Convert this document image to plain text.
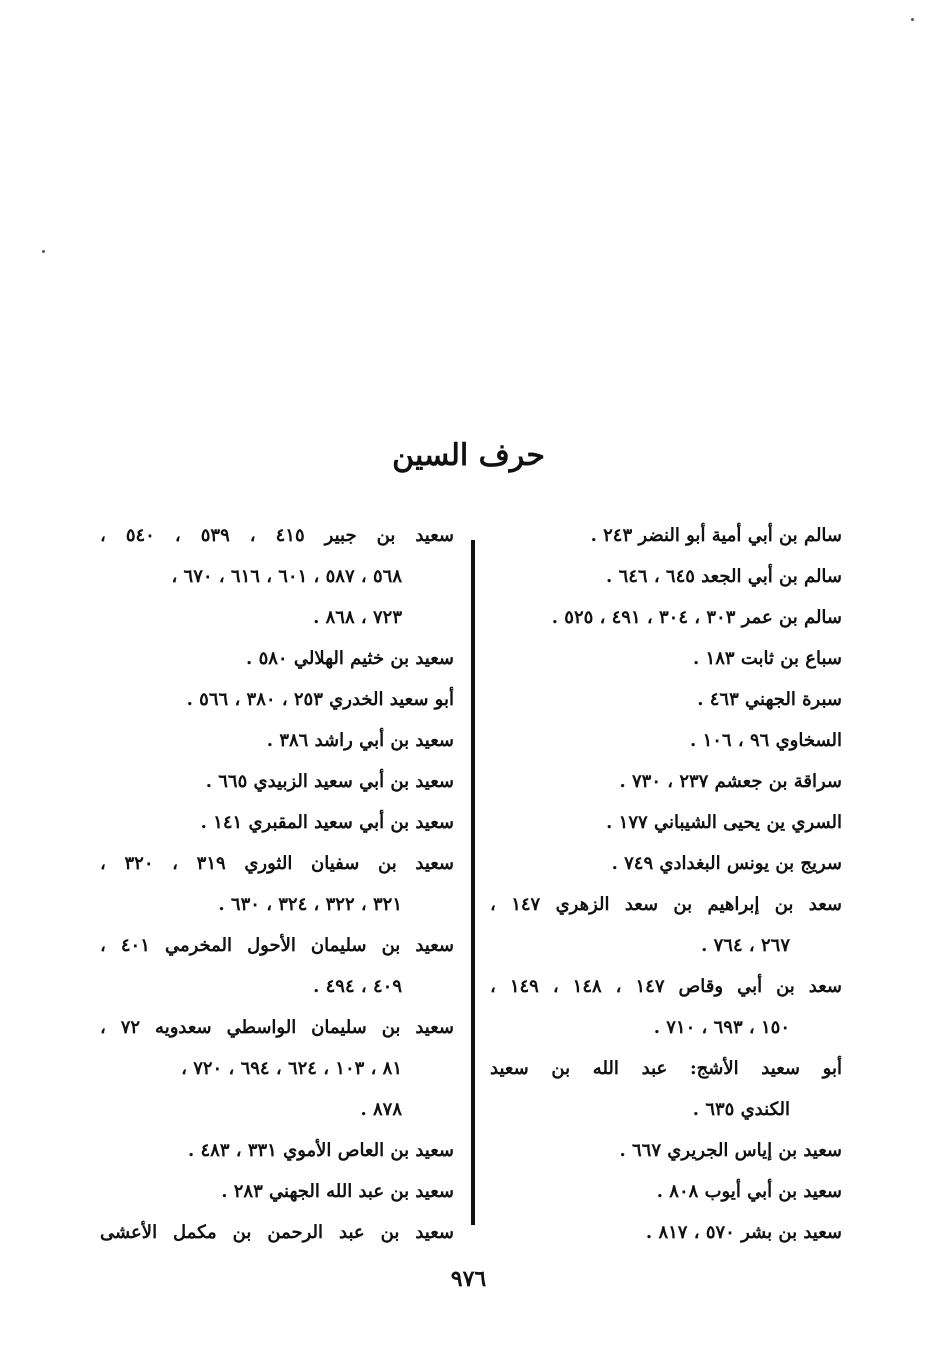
حرف السين
سالم بن أبي أمية أبو النضر ٢٤٣ .
سالم بن أبي الجعد ٦٤٥ ، ٦٤٦ .
سالم بن عمر ٣٠٣ ، ٣٠٤ ، ٤٩١ ، ٥٢٥ .
سباع بن ثابت ١٨٣ .
سبرة الجهني ٤٦٣ .
السخاوي ٩٦ ، ١٠٦ .
سراقة بن جعشم ٢٣٧ ، ٧٣٠ .
السري ين يحيى الشيباني ١٧٧ .
سريج بن يونس البغدادي ٧٤٩ .
سعد بن إبراهيم بن سعد الزهري ١٤٧ ،
٢٦٧ ، ٧٦٤ .
سعد بن أبي وقاص ١٤٧ ، ١٤٨ ، ١٤٩ ،
١٥٠ ، ٦٩٣ ، ٧١٠ .
أبو سعيد الأشج: عبد الله بن سعيد
الكندي ٦٣٥ .
سعيد بن إياس الجريري ٦٦٧ .
سعيد بن أبي أيوب ٨٠٨ .
سعيد بن بشر ٥٧٠ ، ٨١٧ .
سعيد بن جبير ٤١٥ ، ٥٣٩ ، ٥٤٠ ،
٥٦٨ ، ٥٨٧ ، ٦٠١ ، ٦١٦ ، ٦٧٠ ،
٧٢٣ ، ٨٦٨ .
سعيد بن خثيم الهلالي ٥٨٠ .
أبو سعيد الخدري ٢٥٣ ، ٣٨٠ ، ٥٦٦ .
سعيد بن أبي راشد ٣٨٦ .
سعيد بن أبي سعيد الزبيدي ٦٦٥ .
سعيد بن أبي سعيد المقبري ١٤١ .
سعيد بن سفيان الثوري ٣١٩ ، ٣٢٠ ،
٣٢١ ، ٣٢٢ ، ٣٢٤ ، ٦٣٠ .
سعيد بن سليمان الأحول المخرمي ٤٠١ ،
٤٠٩ ، ٤٩٤ .
سعيد بن سليمان الواسطي سعدويه ٧٢ ،
٨١ ، ١٠٣ ، ٦٢٤ ، ٦٩٤ ، ٧٢٠ ،
٨٧٨ .
سعيد بن العاص الأموي ٣٣١ ، ٤٨٣ .
سعيد بن عبد الله الجهني ٢٨٣ .
سعيد بن عبد الرحمن بن مكمل الأعشى
٩٧٦
